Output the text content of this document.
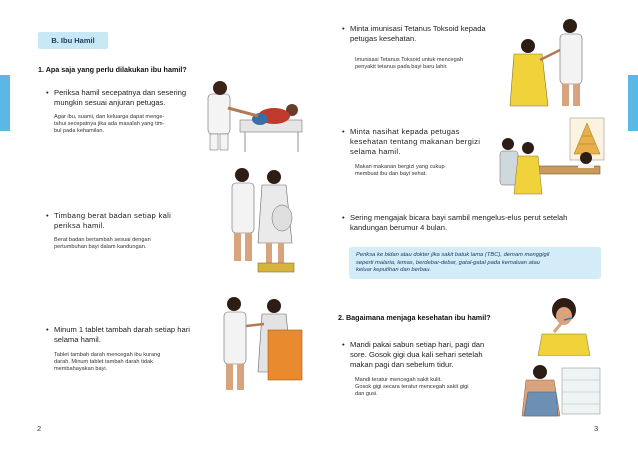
B. Ibu Hamil
1. Apa saja yang perlu dilakukan ibu hamil?
• Periksa hamil secepatnya dan sesering
mungkin sesuai anjuran petugas.
Agar ibu, suami, dan keluarga dapat menge-
tahui secepatnya jika ada masalah yang tim-
bul pada kehamilan.
• Timbang berat badan setiap kali
periksa hamil.
Berat badan bertambah sesuai dengan
pertumbuhan bayi dalam kandungan.
• Minum 1 tablet tambah darah setiap hari
selama hamil.
Tablet tambah darah mencegah ibu kurang
darah. Minum tablet tambah darah tidak
membahayakan bayi.
2
• Minta imunisasi Tetanus Toksoid kepada
petugas kesehatan.
Imunisasi Tetanus Toksoid untuk mencegah
penyakit tetanus pada bayi baru lahir.
• Minta nasihat kepada petugas
kesehatan tentang makanan bergizi
selama hamil.
Makan makanan bergizi yang cukup
membuat ibu dan bayi sehat.
• Sering mengajak bicara bayi sambil mengelus-elus perut setelah
kandungan berumur 4 bulan.
Periksa ke bidan atau dokter jika sakit batuk lama (TBC), demam menggigil
seperti malaria, lemas, berdebar-debar, gatal-gatal pada kemaluan atau
keluar keputihan dan berbau.
2. Bagaimana menjaga kesehatan ibu hamil?
• Mandi pakai sabun setiap hari, pagi dan
sore. Gosok gigi dua kali sehari setelah
makan pagi dan sebelum tidur.
Mandi teratur mencegah sakit kulit.
Gosok gigi secara teratur mencegah sakit gigi
dan gusi.
3
